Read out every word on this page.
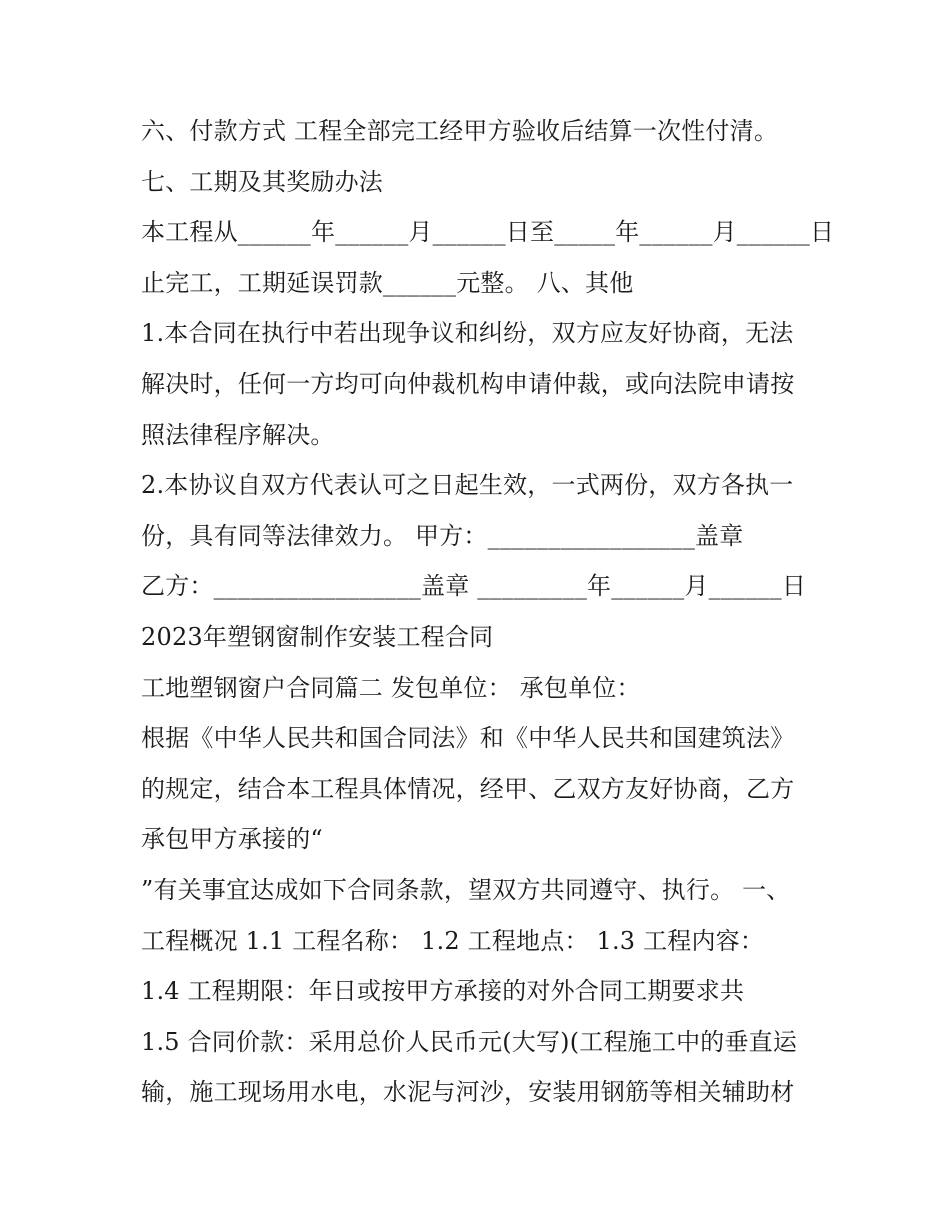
六、付款方式 工程全部完工经甲方验收后结算一次性付清。

七、工期及其奖励办法

本工程从______年______月______日至_____年______月______日

止完工，工期延误罚款______元整。 八、其他

1.本合同在执行中若出现争议和纠纷，双方应友好协商，无法

解决时，任何一方均可向仲裁机构申请仲裁，或向法院申请按

照法律程序解决。

2.本协议自双方代表认可之日起生效，一式两份，双方各执一

份，具有同等法律效力。 甲方：_________________盖章

乙方：_________________盖章 _________年______月______日

2023年塑钢窗制作安装工程合同

工地塑钢窗户合同篇二 发包单位： 承包单位：

根据《中华人民共和国合同法》和《中华人民共和国建筑法》

的规定，结合本工程具体情况，经甲、乙双方友好协商，乙方

承包甲方承接的“

”有关事宜达成如下合同条款，望双方共同遵守、执行。 一、

工程概况 1.1 工程名称： 1.2 工程地点： 1.3 工程内容：

1.4 工程期限：年日或按甲方承接的对外合同工期要求共

1.5 合同价款：采用总价人民币元(大写)(工程施工中的垂直运

输，施工现场用水电，水泥与河沙，安装用钢筋等相关辅助材
